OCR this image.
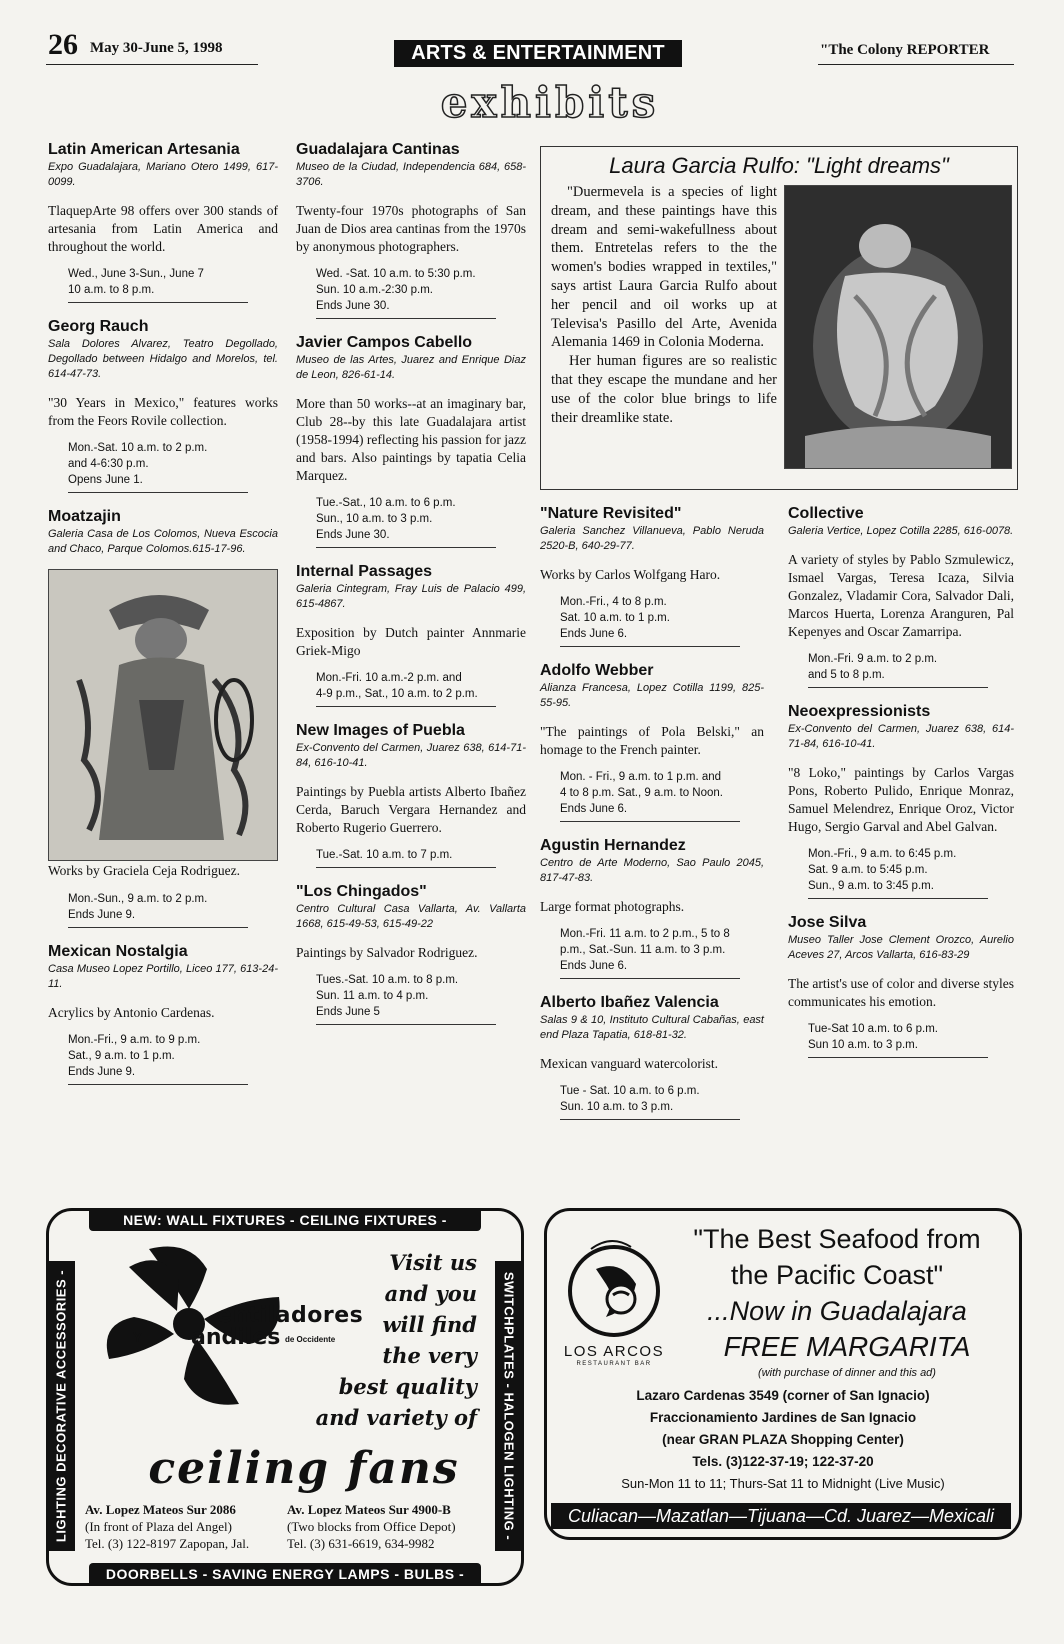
26 May 30-June 5, 1998	ARTS & ENTERTAINMENT	"The Colony REPORTER
exhibits

Latin American Artesania

Expo Guadalajara, Mariano Otero 1499, 617-0099.

TlaquepArte 98 offers over 300 stands of artesania from Latin America and throughout the world.

Wed., June 3-Sun., June 7
10 a.m. to 8 p.m.

Georg Rauch

Sala Dolores Alvarez, Teatro Degollado, Degollado between Hidalgo and Morelos, tel. 614-47-73.

"30 Years in Mexico," features works from the Feors Rovile collection.

Mon.-Sat. 10 a.m. to 2 p.m.
and 4-6:30 p.m.
Opens June 1.

Moatzajin

Galeria Casa de Los Colomos, Nueva Escocia and Chaco, Parque Colomos.615-17-96.

Works by Graciela Ceja Rodriguez.

Mon.-Sun., 9 a.m. to 2 p.m.
Ends June 9.

Mexican Nostalgia

Casa Museo Lopez Portillo, Liceo 177, 613-24-11.

Acrylics by Antonio Cardenas.

Mon.-Fri., 9 a.m. to 9 p.m.
Sat., 9 a.m. to 1 p.m.
Ends June 9.

Guadalajara Cantinas

Museo de la Ciudad, Independencia 684, 658-3706.

Twenty-four 1970s photographs of San Juan de Dios area cantinas from the 1970s by anonymous photographers.

Wed. -Sat. 10 a.m. to 5:30 p.m.
Sun. 10 a.m.-2:30 p.m.
Ends June 30.

Javier Campos Cabello

Museo de las Artes, Juarez and Enrique Diaz de Leon, 826-61-14.

More than 50 works--at an imaginary bar, Club 28--by this late Guadalajara artist (1958-1994) reflecting his passion for jazz and bars. Also paintings by tapatia Celia Marquez.

Tue.-Sat., 10 a.m. to 6 p.m.
Sun., 10 a.m. to 3 p.m.
Ends June 30.

Internal Passages

Galeria Cintegram, Fray Luis de Palacio 499, 615-4867.

Exposition by Dutch painter Annmarie Griek-Migo

Mon.-Fri. 10 a.m.-2 p.m. and
4-9 p.m., Sat., 10 a.m. to 2 p.m.

New Images of Puebla

Ex-Convento del Carmen, Juarez 638, 614-71-84, 616-10-41.

Paintings by Puebla artists Alberto Ibañez Cerda, Baruch Vergara Hernandez and Roberto Rugerio Guerrero.

Tue.-Sat. 10 a.m. to 7 p.m.

"Los Chingados"

Centro Cultural Casa Vallarta, Av. Vallarta 1668, 615-49-53, 615-49-22

Paintings by Salvador Rodriguez.

Tues.-Sat. 10 a.m. to 8 p.m.
Sun. 11 a.m. to 4 p.m.
Ends June 5
Laura Garcia Rulfo: "Light dreams"

"Duermevela is a species of light dream, and these paintings have this dream and semi-wakefullness about them. Entretelas refers to the the women's bodies wrapped in textiles," says artist Laura Garcia Rulfo about her pencil and oil works up at Televisa's Pasillo del Arte, Avenida Alemania 1469 in Colonia Moderna.

Her human figures are so realistic that they escape the mundane and her use of the color blue brings to life their dreamlike state.

"Nature Revisited"

Galeria Sanchez Villanueva, Pablo Neruda 2520-B, 640-29-77.

Works by Carlos Wolfgang Haro.

Mon.-Fri., 4 to 8 p.m.
Sat. 10 a.m. to 1 p.m.
Ends June 6.

Adolfo Webber

Alianza Francesa, Lopez Cotilla 1199, 825-55-95.

"The paintings of Pola Belski," an homage to the French painter.

Mon. - Fri., 9 a.m. to 1 p.m. and
4 to 8 p.m. Sat., 9 a.m. to Noon.
Ends June 6.

Agustin Hernandez

Centro de Arte Moderno, Sao Paulo 2045, 817-47-83.

Large format photographs.

Mon.-Fri. 11 a.m. to 2 p.m., 5 to 8
p.m., Sat.-Sun. 11 a.m. to 3 p.m.
Ends June 6.

Alberto Ibañez Valencia

Salas 9 & 10, Instituto Cultural Cabañas, east end Plaza Tapatia, 618-81-32.

Mexican vanguard watercolorist.

Tue - Sat. 10 a.m. to 6 p.m.
Sun. 10 a.m. to 3 p.m.

Collective

Galeria Vertice, Lopez Cotilla 2285, 616-0078.

A variety of styles by Pablo Szmulewicz, Ismael Vargas, Teresa Icaza, Silvia Gonzalez, Vladamir Cora, Salvador Dali, Marcos Huerta, Lorenza Aranguren, Pal Kepenyes and Oscar Zamarripa.

Mon.-Fri. 9 a.m. to 2 p.m.
and 5 to 8 p.m.

Neoexpressionists

Ex-Convento del Carmen, Juarez 638, 614-71-84, 616-10-41.

"8 Loko," paintings by Carlos Vargas Pons, Roberto Pulido, Enrique Monraz, Samuel Melendrez, Enrique Oroz, Victor Hugo, Sergio Garval and Abel Galvan.

Mon.-Fri., 9 a.m. to 6:45 p.m.
Sat. 9 a.m. to 5:45 p.m.
Sun., 9 a.m. to 3:45 p.m.

Jose Silva

Museo Taller Jose Clement Orozco, Aurelio Aceves 27, Arcos Vallarta, 616-83-29

The artist's use of color and diverse styles communicates his emotion.

Tue-Sat 10 a.m. to 6 p.m.
Sun 10 a.m. to 3 p.m.
NEW: WALL FIXTURES - CEILING FIXTURES -
DOORBELLS - SAVING ENERGY LAMPS - BULBS -
LIGHTING DECORATIVE ACCESSORIES -	SWITCHPLATES - HALOGEN LIGHTING -
entiladores
Y andiles de Occidente
Visit us
and you
will find
the very
best quality
and variety of
ceiling fans
Av. Lopez Mateos Sur 2086
(In front of Plaza del Angel)
Tel. (3) 122-8197 Zapopan, Jal.
Av. Lopez Mateos Sur 4900-B
(Two blocks from Office Depot)
Tel. (3) 631-6619, 634-9982
LOS ARCOS
RESTAURANT BAR
"The Best Seafood from
the Pacific Coast"
...Now in Guadalajara
FREE MARGARITA
(with purchase of dinner and this ad)
Lazaro Cardenas 3549 (corner of San Ignacio)
Fraccionamiento Jardines de San Ignacio
(near GRAN PLAZA Shopping Center)
Tels. (3)122-37-19; 122-37-20
Sun-Mon 11 to 11; Thurs-Sat 11 to Midnight (Live Music)
Culiacan—Mazatlan—Tijuana—Cd. Juarez—Mexicali
